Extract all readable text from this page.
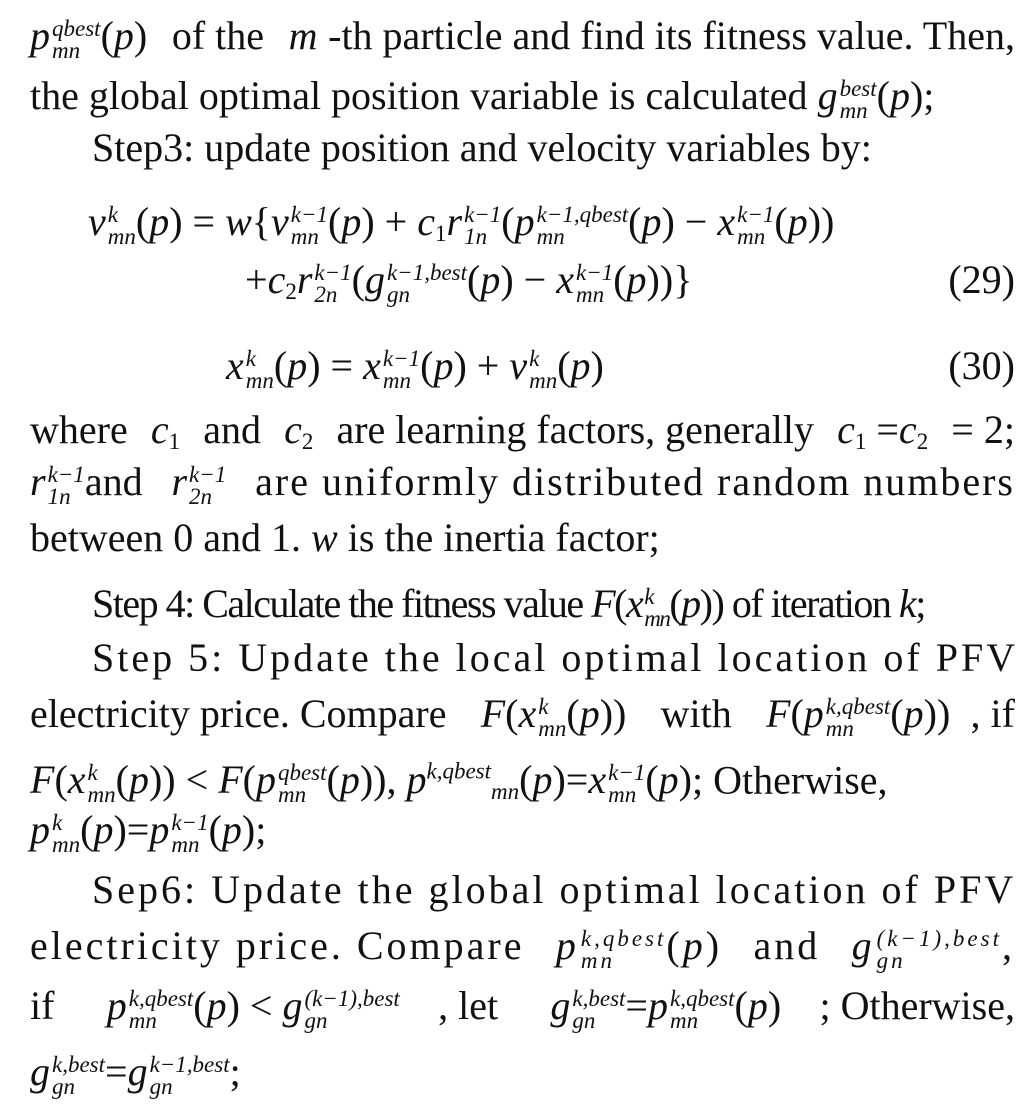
p qbest
mn (p) of the m -th particle and find its fitness value. Then,
the global optimal position variable is calculated g best
mn (p);
Step3: update position and velocity variables by:
v k
mn (p) = w{v k−1
mn $(p) + c_1r$ k−1
1n (p k−1,qbest
mn	(p) − x k−1
mn (p))
$+c_2r$ k−1
2n (g k−1,best
gn	(p) − x k−1
mn (p))}	(29)
x k
mn (p) = x k−1
mn (p) + v k
mn (p)	(30)
where $c_1$ and $c_2$ are learning factors, generally $c_1 =c_2 = 2$;
r k−1
1n and r k−1
2n	are uniformly distributed random numbers
between 0 and 1. w is the inertia factor;
Step 4: Calculate the fitness value F(x k
mn (p)) of iteration k;
Step 5: Update the local optimal location of PFV
electricity price. Compare F(x k
mn (p)) with F(p k,qbest
mn (p)) , if
F(x k
mn (p)) < F(p qbest
mn (p)), $p^{k,qbest}_{mn}(p)=x$ k−1
mn (p); Otherwise,
p k
mn (p)=p k−1
mn (p);
Sep6: Update the global optimal location of PFV
electricity price. Compare p k,qbest
mn	(p) and g (k−1),best
gn	,
if p k,qbest
mn (p) < g (k−1),best
gn	, let g k,best
gn =p k,qbest
mn (p) ; Otherwise,
g k,best
gn =g k−1,best
gn	;
